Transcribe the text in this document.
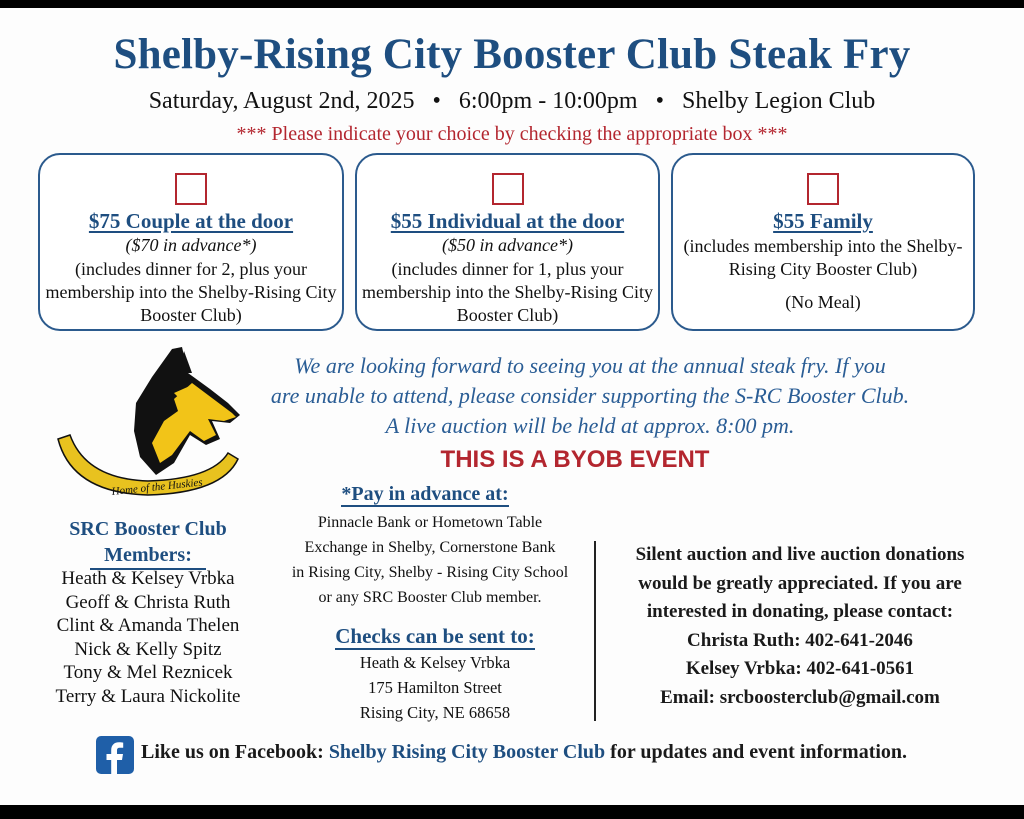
Shelby-Rising City Booster Club Steak Fry
Saturday, August 2nd, 2025 • 6:00pm - 10:00pm • Shelby Legion Club
*** Please indicate your choice by checking the appropriate box ***
$75 Couple at the door
($70 in advance*)
(includes dinner for 2, plus your membership into the Shelby-Rising City Booster Club)
$55 Individual at the door
($50 in advance*)
(includes dinner for 1, plus your membership into the Shelby-Rising City Booster Club)
$55 Family
(includes membership into the Shelby-Rising City Booster Club)
(No Meal)
Home of the Huskies
We are looking forward to seeing you at the annual steak fry. If you
are unable to attend, please consider supporting the S-RC Booster Club.
A live auction will be held at approx. 8:00 pm.
THIS IS A BYOB EVENT
SRC Booster Club
Members:
Heath & Kelsey Vrbka
Geoff & Christa Ruth
Clint & Amanda Thelen
Nick & Kelly Spitz
Tony & Mel Reznicek
Terry & Laura Nickolite
*Pay in advance at:
Pinnacle Bank or Hometown Table
Exchange in Shelby, Cornerstone Bank
in Rising City, Shelby - Rising City School
or any SRC Booster Club member.
Checks can be sent to:
Heath & Kelsey Vrbka
175 Hamilton Street
Rising City, NE 68658
Silent auction and live auction donations
would be greatly appreciated. If you are
interested in donating, please contact:
Christa Ruth: 402-641-2046
Kelsey Vrbka: 402-641-0561
Email: srcboosterclub@gmail.com
Like us on Facebook: Shelby Rising City Booster Club for updates and event information.
